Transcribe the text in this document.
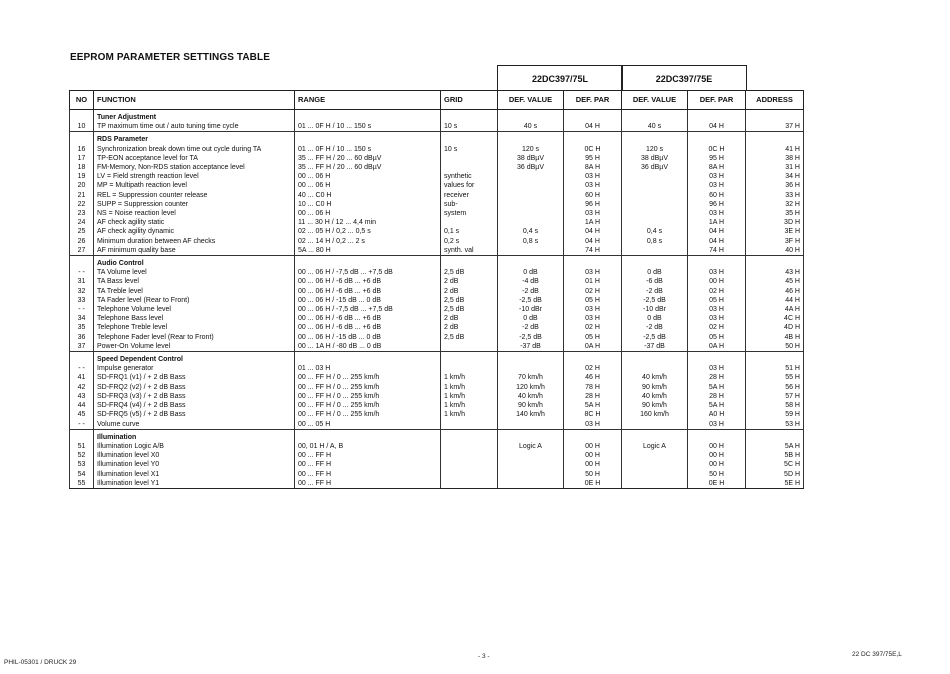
EEPROM PARAMETER SETTINGS TABLE
22DC397/75L	22DC397/75E
NO	FUNCTION	RANGE	GRID	DEF. VALUE	DEF. PAR	DEF. VALUE	DEF. PAR	ADDRESS
	Tuner Adjustment							
10	TP maximum time out / auto tuning time cycle	01 ... 0F H / 10 ... 150 s	10 s	40 s	04 H	40 s	04 H	37 H
	RDS Parameter							
16	Synchronization break down time out cycle during TA	01 ... 0F H / 10 ... 150 s	10 s	120 s	0C H	120 s	0C H	41 H
17	TP-EON acceptance level for TA	35 ... FF H / 20 ... 60 dBµV		38 dBµV	95 H	38 dBµV	95 H	38 H
18	FM-Memory, Non-RDS station acceptance level	35 ... FF H / 20 ... 60 dBµV		36 dBµV	8A H	36 dBµV	8A H	31 H
19	LV = Field strength reaction level	00 ... 06 H	synthetic		03 H		03 H	34 H
20	MP = Multipath reaction level	00 ... 06 H	values for		03 H		03 H	36 H
21	REL = Suppression counter release	40 ... C0 H	receiver		60 H		60 H	33 H
22	SUPP = Suppression counter	10 ... C0 H	sub-		96 H		96 H	32 H
23	NS = Noise reaction level	00 ... 06 H	system		03 H		03 H	35 H
24	AF check agility static	11 ... 30 H / 12 ... 4,4 min			1A H		1A H	3D H
25	AF check agility dynamic	02 ... 05 H / 0,2 ... 0,5 s	0,1 s	0,4 s	04 H	0,4 s	04 H	3E H
26	Minimum duration between AF checks	02 ... 14 H / 0,2 ... 2 s	0,2 s	0,8 s	04 H	0,8 s	04 H	3F H
27	AF minimum quality base	5A ... 80 H	synth. val		74 H		74 H	40 H
	Audio Control							
- -	TA Volume level	00 ... 06 H / -7,5 dB ... +7,5 dB	2,5 dB	0 dB	03 H	0 dB	03 H	43 H
31	TA Bass level	00 ... 06 H / -6 dB ... +6 dB	2 dB	-4 dB	01 H	-6 dB	00 H	45 H
32	TA Treble level	00 ... 06 H / -6 dB ... +6 dB	2 dB	-2 dB	02 H	-2 dB	02 H	46 H
33	TA Fader level (Rear to Front)	00 ... 06 H / -15 dB ... 0 dB	2,5 dB	-2,5 dB	05 H	-2,5 dB	05 H	44 H
- -	Telephone Volume level	00 ... 06 H / -7,5 dB ... +7,5 dB	2,5 dB	-10 dBr	03 H	-10 dBr	03 H	4A H
34	Telephone Bass level	00 ... 06 H / -6 dB ... +6 dB	2 dB	0 dB	03 H	0 dB	03 H	4C H
35	Telephone Treble level	00 ... 06 H / -6 dB ... +6 dB	2 dB	-2 dB	02 H	-2 dB	02 H	4D H
36	Telephone Fader level (Rear to Front)	00 ... 06 H / -15 dB ... 0 dB	2,5 dB	-2,5 dB	05 H	-2,5 dB	05 H	4B H
37	Power-On Volume level	00 ... 1A H / -80 dB ... 0 dB		-37 dB	0A H	-37 dB	0A H	50 H
	Speed Dependent Control							
- -	Impulse generator	01 ... 03 H			02 H		03 H	51 H
41	SD-FRQ1 (v1) / + 2 dB Bass	00 ... FF H / 0 ... 255 km/h	1 km/h	70 km/h	46 H	40 km/h	28 H	55 H
42	SD-FRQ2 (v2) / + 2 dB Bass	00 ... FF H / 0 ... 255 km/h	1 km/h	120 km/h	78 H	90 km/h	5A H	56 H
43	SD-FRQ3 (v3) / + 2 dB Bass	00 ... FF H / 0 ... 255 km/h	1 km/h	40 km/h	28 H	40 km/h	28 H	57 H
44	SD-FRQ4 (v4) / + 2 dB Bass	00 ... FF H / 0 ... 255 km/h	1 km/h	90 km/h	5A H	90 km/h	5A H	58 H
45	SD-FRQ5 (v5) / + 2 dB Bass	00 ... FF H / 0 ... 255 km/h	1 km/h	140 km/h	8C H	160 km/h	A0 H	59 H
- -	Volume curve	00 ... 05 H			03 H		03 H	53 H
	Illumination							
51	Illumination Logic A/B	00, 01 H / A, B		Logic A	00 H	Logic A	00 H	5A H
52	Illumination level X0	00 ... FF H			00 H		00 H	5B H
53	Illumination level Y0	00 ... FF H			00 H		00 H	5C H
54	Illumination level X1	00 ... FF H			50 H		50 H	5D H
55	Illumination level Y1	00 ... FF H			0E H		0E H	5E H
PHIL-05301 / DRUCK 29
- 3 -	22 DC 397/75E,L
